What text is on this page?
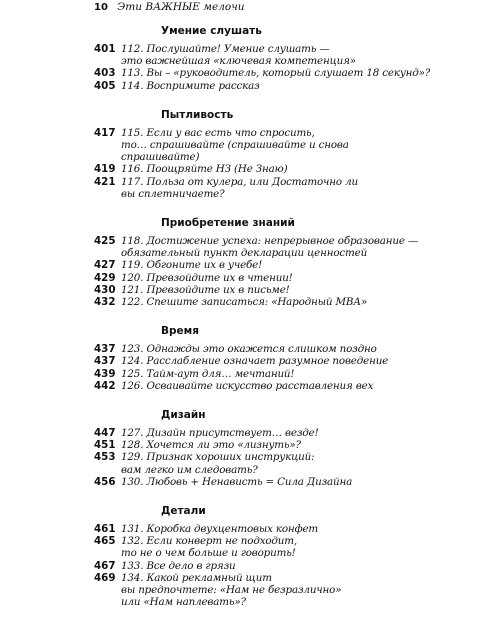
10 Эти ВАЖНЫЕ мелочи
Умение слушать
401 112. Послушайте! Умение слушать —
это важнейшая «ключевая компетенция»
403 113. Вы – «руководитель, который слушает 18 секунд»?
405 114. Воспримите рассказ
Пытливость
417 115. Если у вас есть что спросить,
то… спрашивайте (спрашивайте и снова
спрашивайте)
419 116. Поощряйте НЗ (Не Знаю)
421 117. Польза от кулера, или Достаточно ли
вы сплетничаете?
Приобретение знаний
425 118. Достижение успеха: непрерывное образование —
обязательный пункт декларации ценностей
427 119. Обгоните их в учебе!
429 120. Превзойдите их в чтении!
430 121. Превзойдите их в письме!
432 122. Спешите записаться: «Народный МВА»
Время
437 123. Однажды это окажется слишком поздно
437 124. Расслабление означает разумное поведение
439 125. Тайм-аут для… мечтаний!
442 126. Осваивайте искусство расставления вех
Дизайн
447 127. Дизайн присутствует… везде!
451 128. Хочется ли это «лизнуть»?
453 129. Признак хороших инструкций:
вам легко им следовать?
456 130. Любовь + Ненависть = Сила Дизайна
Детали
461 131. Коробка двухцентовых конфет
465 132. Если конверт не подходит,
то не о чем больше и говорить!
467 133. Все дело в грязи
469 134. Какой рекламный щит
вы предпочтете: «Нам не безразлично»
или «Нам наплевать»?
